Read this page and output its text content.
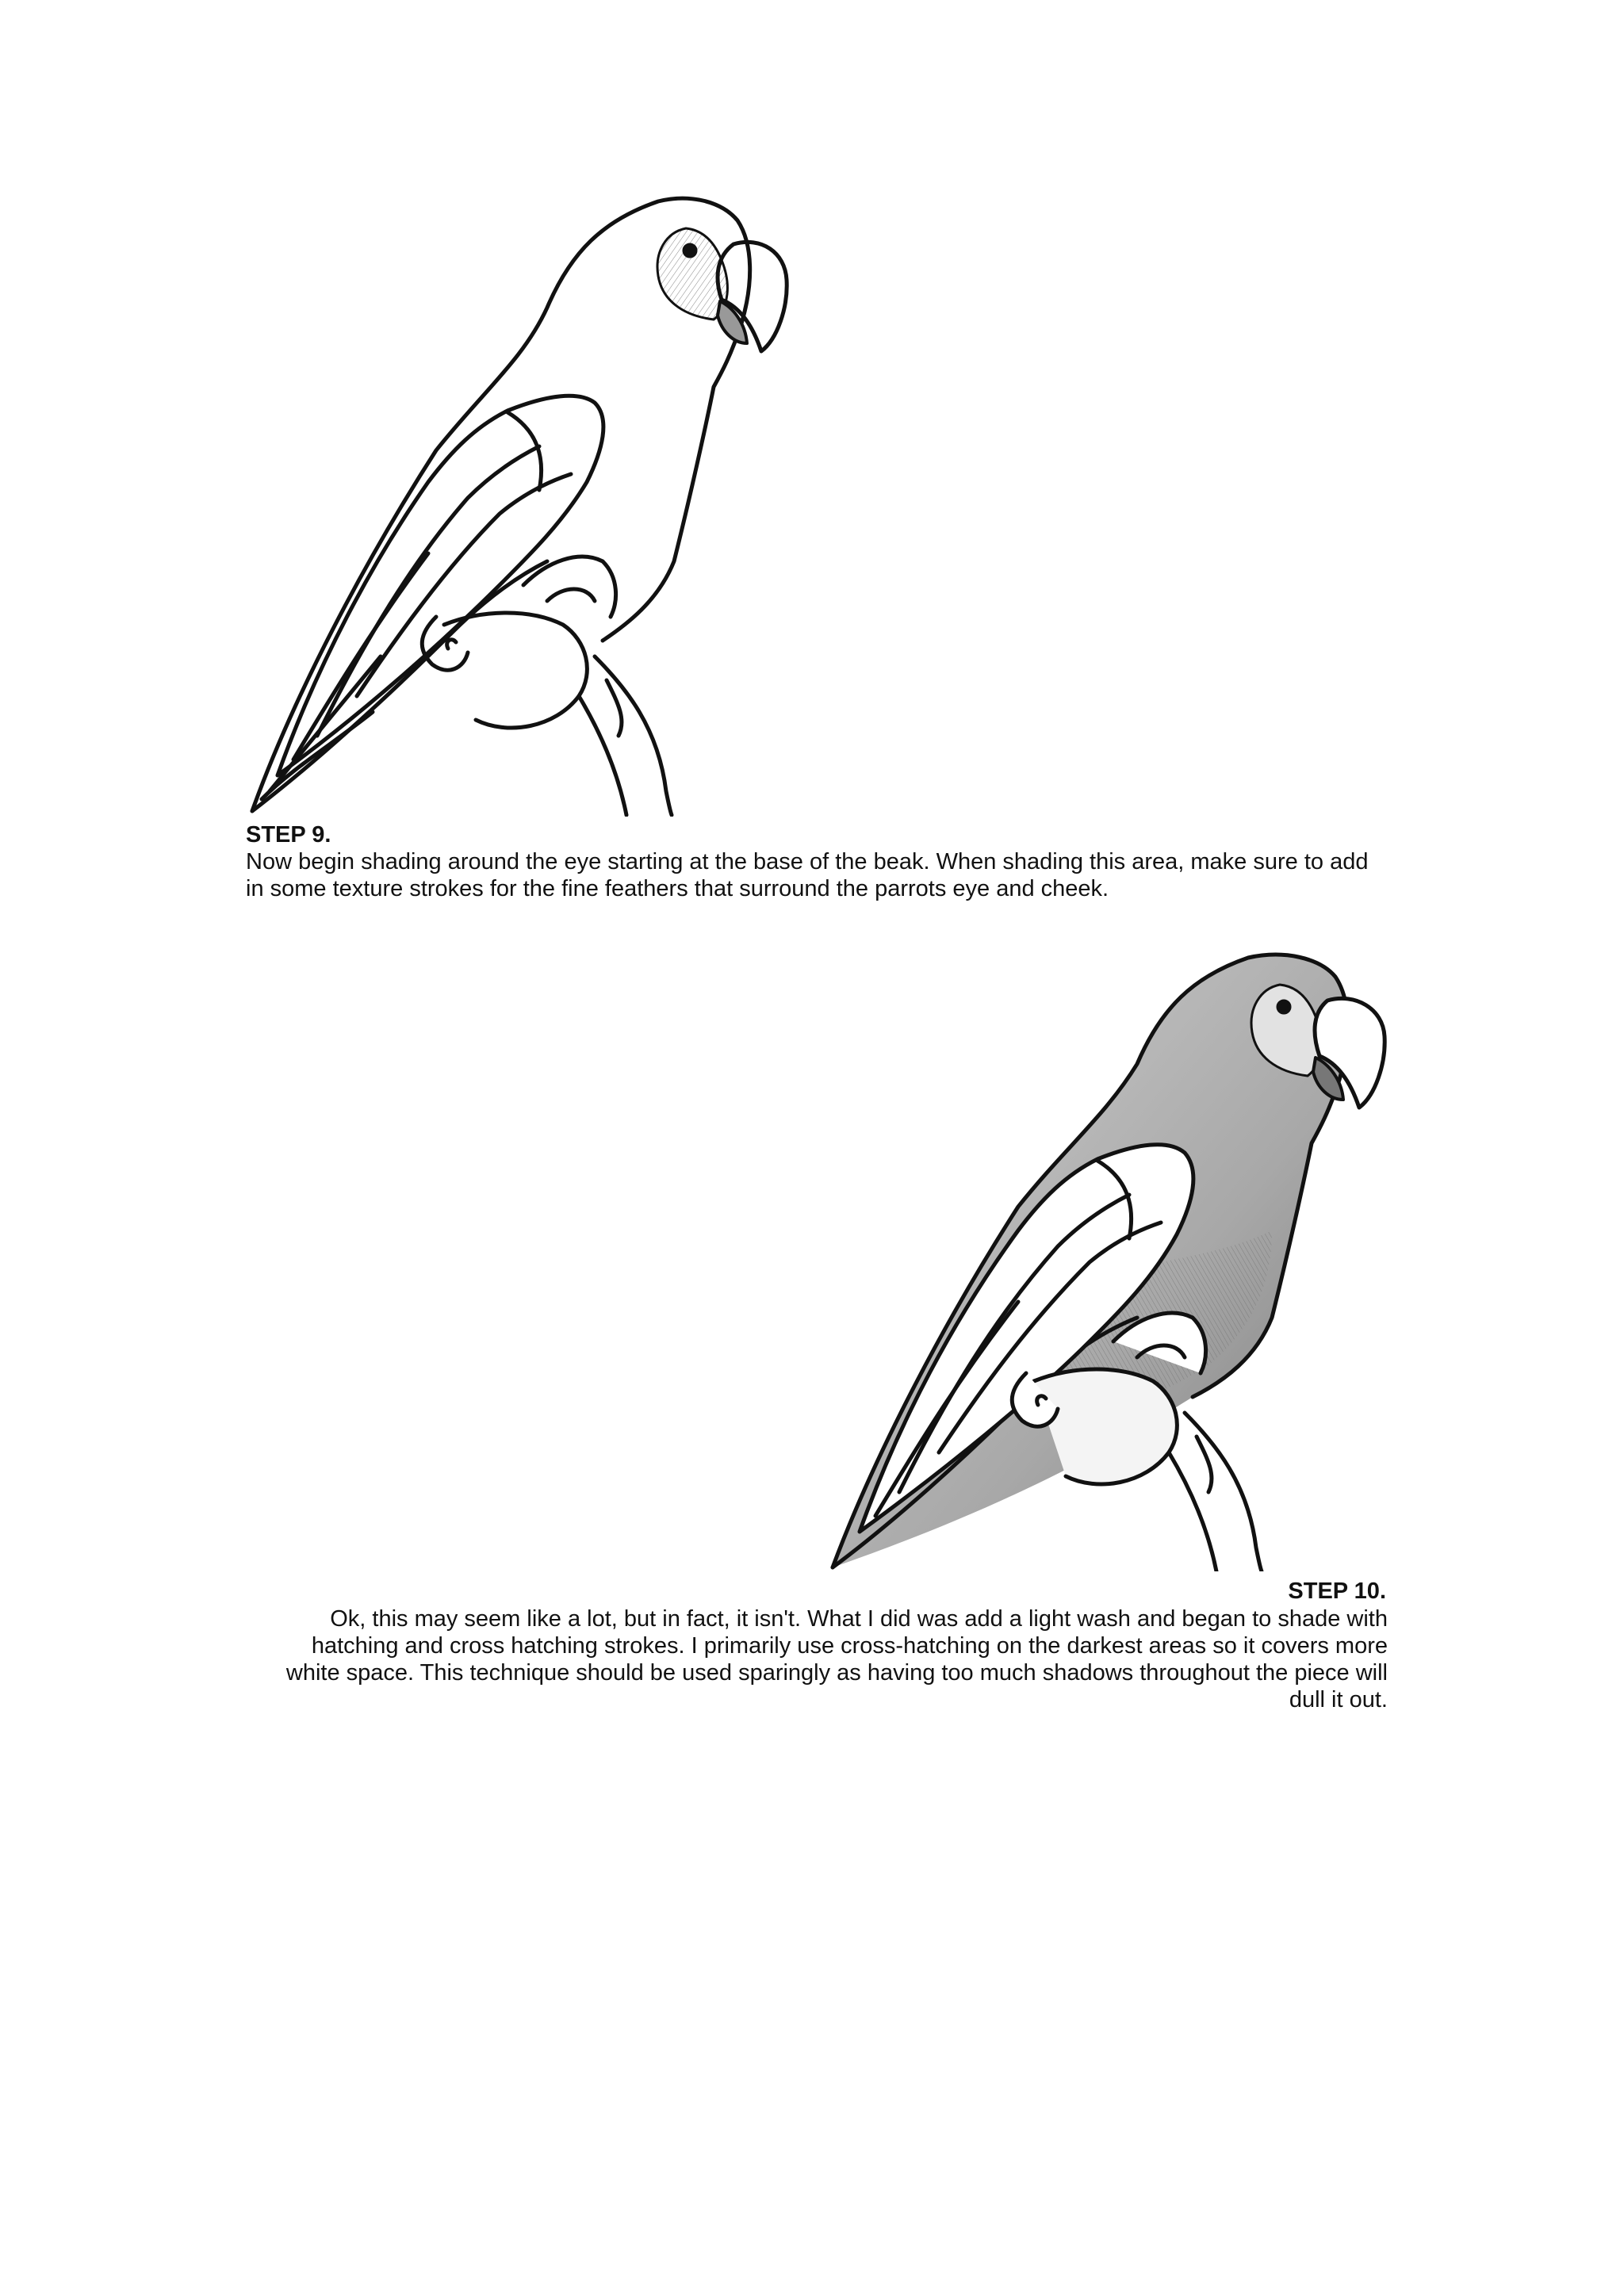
STEP 9.

Now begin shading around the eye starting at the base of the beak. When shading this area, make sure to add in some texture strokes for the fine feathers that surround the parrots eye and cheek.

STEP 10.

Ok, this may seem like a lot, but in fact, it isn't. What I did was add a light wash and began to shade with hatching and cross hatching strokes. I primarily use cross-hatching on the darkest areas so it covers more white space. This technique should be used sparingly as having too much shadows throughout the piece will dull it out.
